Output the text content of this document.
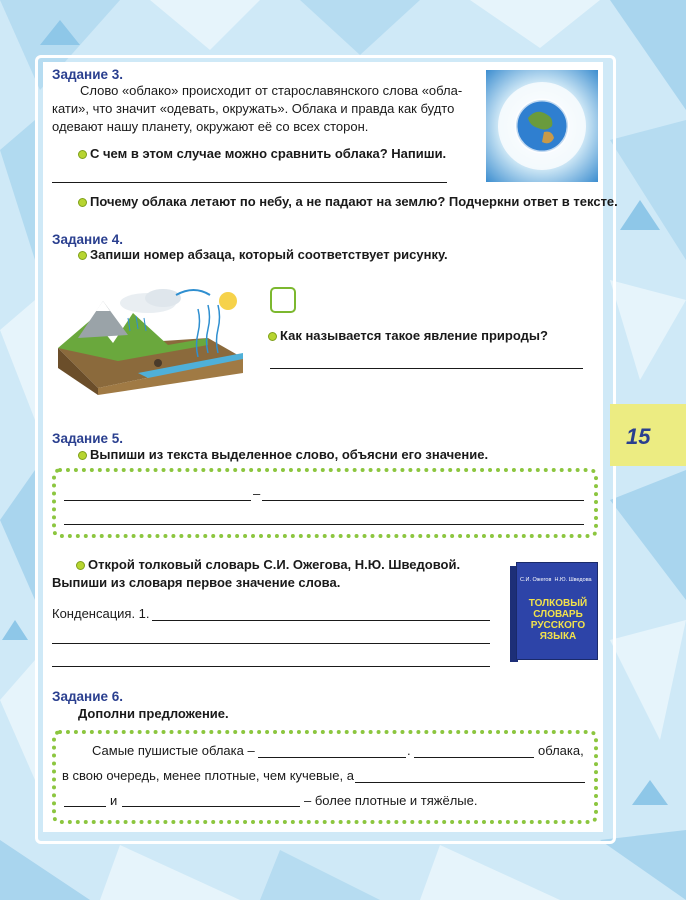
15
Задание 3.
Слово «облако» происходит от старославянского слова «обла-
кати», что значит «одевать, окружать». Облака и правда как будто
одевают нашу планету, окружают её со всех сторон.
С чем в этом случае можно сравнить облака? Напиши.
Почему облака летают по небу, а не падают на землю? Подчеркни ответ в тексте.
Задание 4.
Запиши номер абзаца, который соответствует рисунку.
Как называется такое явление природы?
Задание 5.
Выпиши из текста выделенное слово, объясни его значение.
–
Открой толковый словарь С.И. Ожегова, Н.Ю. Шведовой.
Выпиши из словаря первое значение слова.
Конденсация. 1.
С.И. Ожегов Н.Ю. Шведова
ТОЛКОВЫЙ
СЛОВАРЬ
РУССКОГО
ЯЗЫКА
Задание 6.
Дополни предложение.
Самые пушистые облака –	.	облака,
в свою очередь, менее плотные, чем кучевые, а
и	– более плотные и тяжёлые.
